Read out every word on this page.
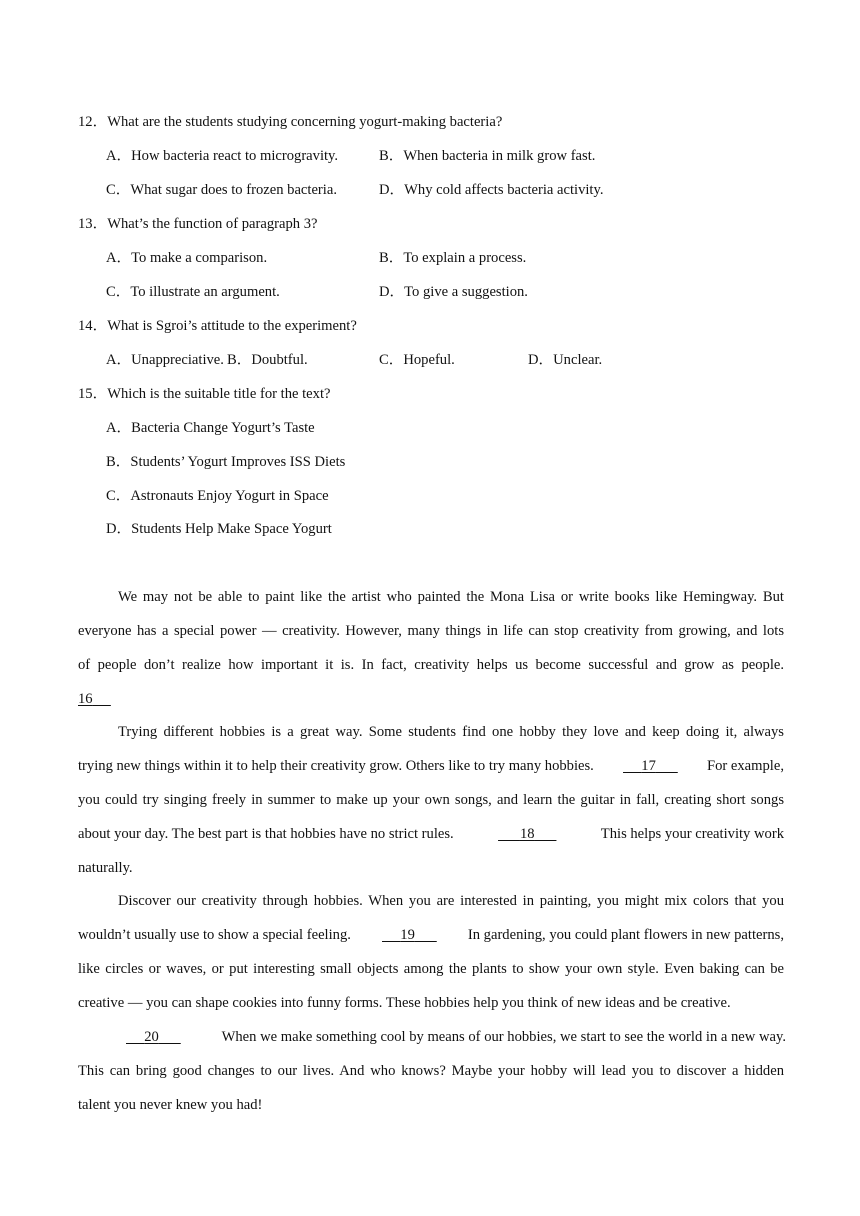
12．What are the students studying concerning yogurt-making bacteria?
A．How bacteria react to microgravity.	B．When bacteria in milk grow fast.
C．What sugar does to frozen bacteria.	D．Why cold affects bacteria activity.
13．What’s the function of paragraph 3?
A．To make a comparison.	B．To explain a process.
C．To illustrate an argument.	D．To give a suggestion.
14．What is Sgroi’s attitude to the experiment?
A．Unappreciative. B．Doubtful.	C．Hopeful.	D．Unclear.
15．Which is the suitable title for the text?
A．Bacteria Change Yogurt’s Taste
B．Students’ Yogurt Improves ISS Diets
C．Astronauts Enjoy Yogurt in Space
D．Students Help Make Space Yogurt
We may not be able to paint like the artist who painted the Mona Lisa or write books like Hemingway. But
everyone has a special power — creativity. However, many things in life can stop creativity from growing, and lots
of people don’t realize how important it is. In fact, creativity helps us become successful and grow as people.
16
Trying different hobbies is a great way. Some students find one hobby they love and keep doing it, always
trying new things within it to help their creativity grow. Others like to try many hobbies.	17	For example,
you could try singing freely in summer to make up your own songs, and learn the guitar in fall, creating short songs
about your day. The best part is that hobbies have no strict rules.	18	This helps your creativity work
naturally.
Discover our creativity through hobbies. When you are interested in painting, you might mix colors that you
wouldn’t usually use to show a special feeling.	19	In gardening, you could plant flowers in new patterns,
like circles or waves, or put interesting small objects among the plants to show your own style. Even baking can be
creative — you can shape cookies into funny forms. These hobbies help you think of new ideas and be creative.
20	When we make something cool by means of our hobbies, we start to see the world in a new way.
This can bring good changes to our lives. And who knows? Maybe your hobby will lead you to discover a hidden
talent you never knew you had!
